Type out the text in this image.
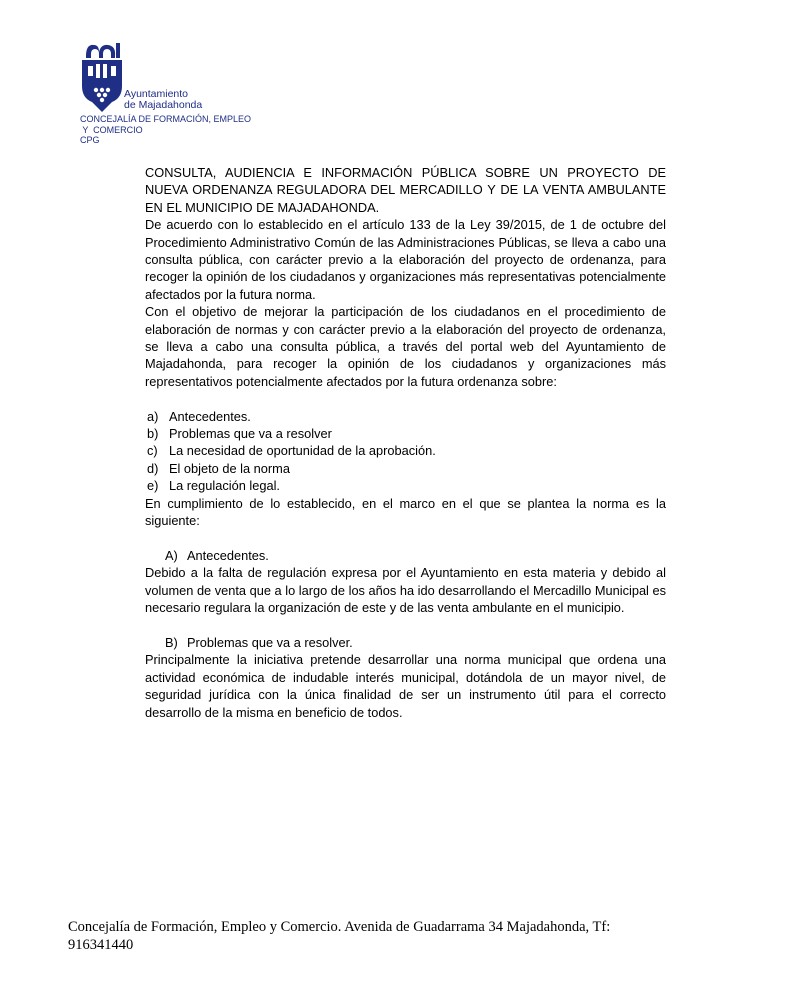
Ayuntamiento
de Majadahonda
CONCEJALÍA DE FORMACIÓN, EMPLEO
Y  COMERCIO
CPG
CONSULTA, AUDIENCIA E INFORMACIÓN PÚBLICA SOBRE UN PROYECTO DE
NUEVA ORDENANZA REGULADORA DEL MERCADILLO Y DE LA VENTA AMBULANTE
EN EL MUNICIPIO DE MAJADAHONDA.

De acuerdo con lo establecido en el artículo 133 de la Ley 39/2015, de 1 de octubre del Procedimiento Administrativo Común de las Administraciones Públicas, se lleva a cabo una consulta pública, con carácter previo a la elaboración del proyecto de ordenanza, para recoger la opinión de los ciudadanos y organizaciones más representativas potencialmente afectados por la futura norma.

Con el objetivo de mejorar la participación de los ciudadanos en el procedimiento de elaboración de normas y con carácter previo a la elaboración del proyecto de ordenanza, se lleva a cabo una consulta pública, a través del portal web del Ayuntamiento de Majadahonda, para recoger la opinión de los ciudadanos y organizaciones más representativos potencialmente afectados por la futura ordenanza sobre:

a) Antecedentes.
b) Problemas que va a resolver
c) La necesidad de oportunidad de la aprobación.
d) El objeto de la norma
e) La regulación legal.

En cumplimiento de lo establecido, en el marco en el que se plantea la norma es la siguiente:

A) Antecedentes.

Debido a la falta de regulación expresa por el Ayuntamiento en esta materia y debido al volumen de venta que a lo largo de los años ha ido desarrollando el Mercadillo Municipal es necesario regulara la organización de este y de las venta ambulante en el municipio.

B) Problemas que va a resolver.

Principalmente la iniciativa pretende desarrollar una norma municipal que ordena una actividad económica de indudable interés municipal, dotándola de un mayor nivel, de seguridad jurídica con la única finalidad de ser un instrumento útil para el correcto desarrollo de la misma en beneficio de todos.

Concejalía de Formación, Empleo y Comercio. Avenida de Guadarrama 34 Majadahonda, Tf:
916341440
